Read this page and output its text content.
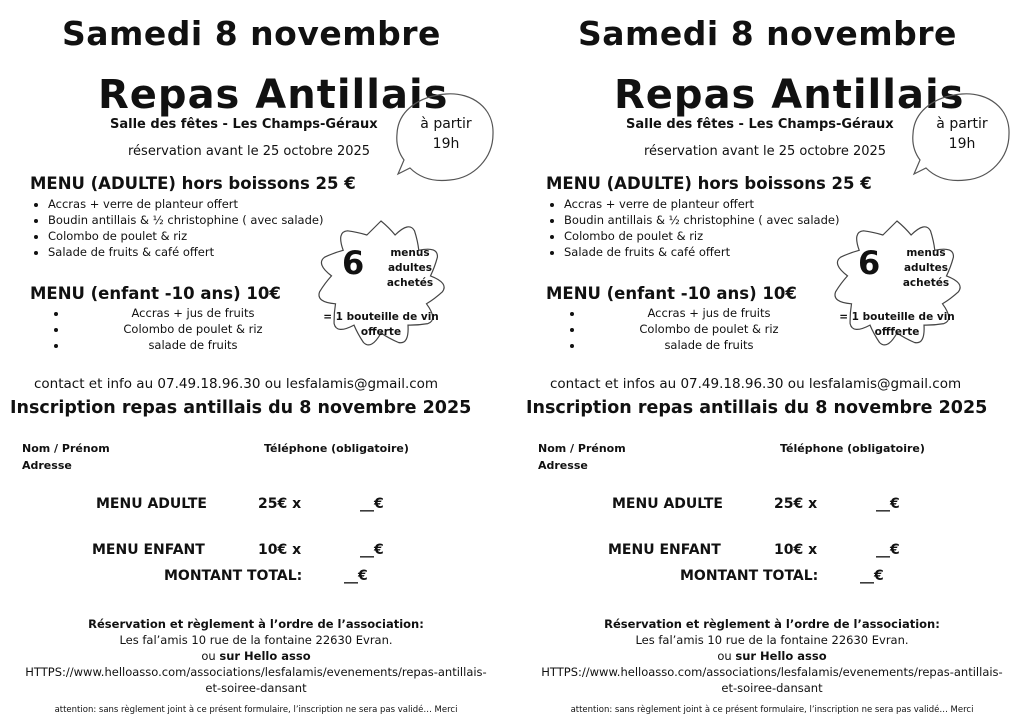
Samedi 8 novembre
Repas Antillais
Salle des fêtes - Les Champs-Géraux
réservation avant le 25 octobre 2025
à partir
19h
MENU (ADULTE) hors boissons 25 €
• Accras + verre de planteur offert
• Boudin antillais & ½ christophine ( avec salade)
• Colombo de poulet & riz
• Salade de fruits & café offert
MENU (enfant -10 ans) 10€
• Accras + jus de fruits
• Colombo de poulet & riz
• salade de fruits
6	menus
adultes
achetés
= 1 bouteille de vin
offerte
contact et info au 07.49.18.96.30 ou lesfalamis@gmail.com
Inscription repas antillais du 8 novembre 2025
Nom / Prénom
Adresse
Téléphone (obligatoire)
MENU ADULTE	25€ x	__€
MENU ENFANT	10€ x	__€
MONTANT TOTAL:	__€
Réservation et règlement à l’ordre de l’association:
Les fal’amis 10 rue de la fontaine 22630 Evran.
ou sur Hello asso
HTTPS://www.helloasso.com/associations/lesfalamis/evenements/repas-antillais-
et-soiree-dansant
attention: sans règlement joint à ce présent formulaire, l’inscription ne sera pas validé… Merci
Samedi 8 novembre
Repas Antillais
Salle des fêtes - Les Champs-Géraux
réservation avant le 25 octobre 2025
à partir
19h
MENU (ADULTE) hors boissons 25 €
• Accras + verre de planteur offert
• Boudin antillais & ½ christophine ( avec salade)
• Colombo de poulet & riz
• Salade de fruits & café offert
MENU (enfant -10 ans) 10€
• Accras + jus de fruits
• Colombo de poulet & riz
• salade de fruits
6	menus
adultes
achetés
= 1 bouteille de vin
offferte
contact et infos au 07.49.18.96.30 ou lesfalamis@gmail.com
Inscription repas antillais du 8 novembre 2025
Nom / Prénom
Adresse
Téléphone (obligatoire)
MENU ADULTE	25€ x	__€
MENU ENFANT	10€ x	__€
MONTANT TOTAL:	__€
Réservation et règlement à l’ordre de l’association:
Les fal’amis 10 rue de la fontaine 22630 Evran.
ou sur Hello asso
HTTPS://www.helloasso.com/associations/lesfalamis/evenements/repas-antillais-
et-soiree-dansant
attention: sans règlement joint à ce présent formulaire, l’inscription ne sera pas validé… Merci
